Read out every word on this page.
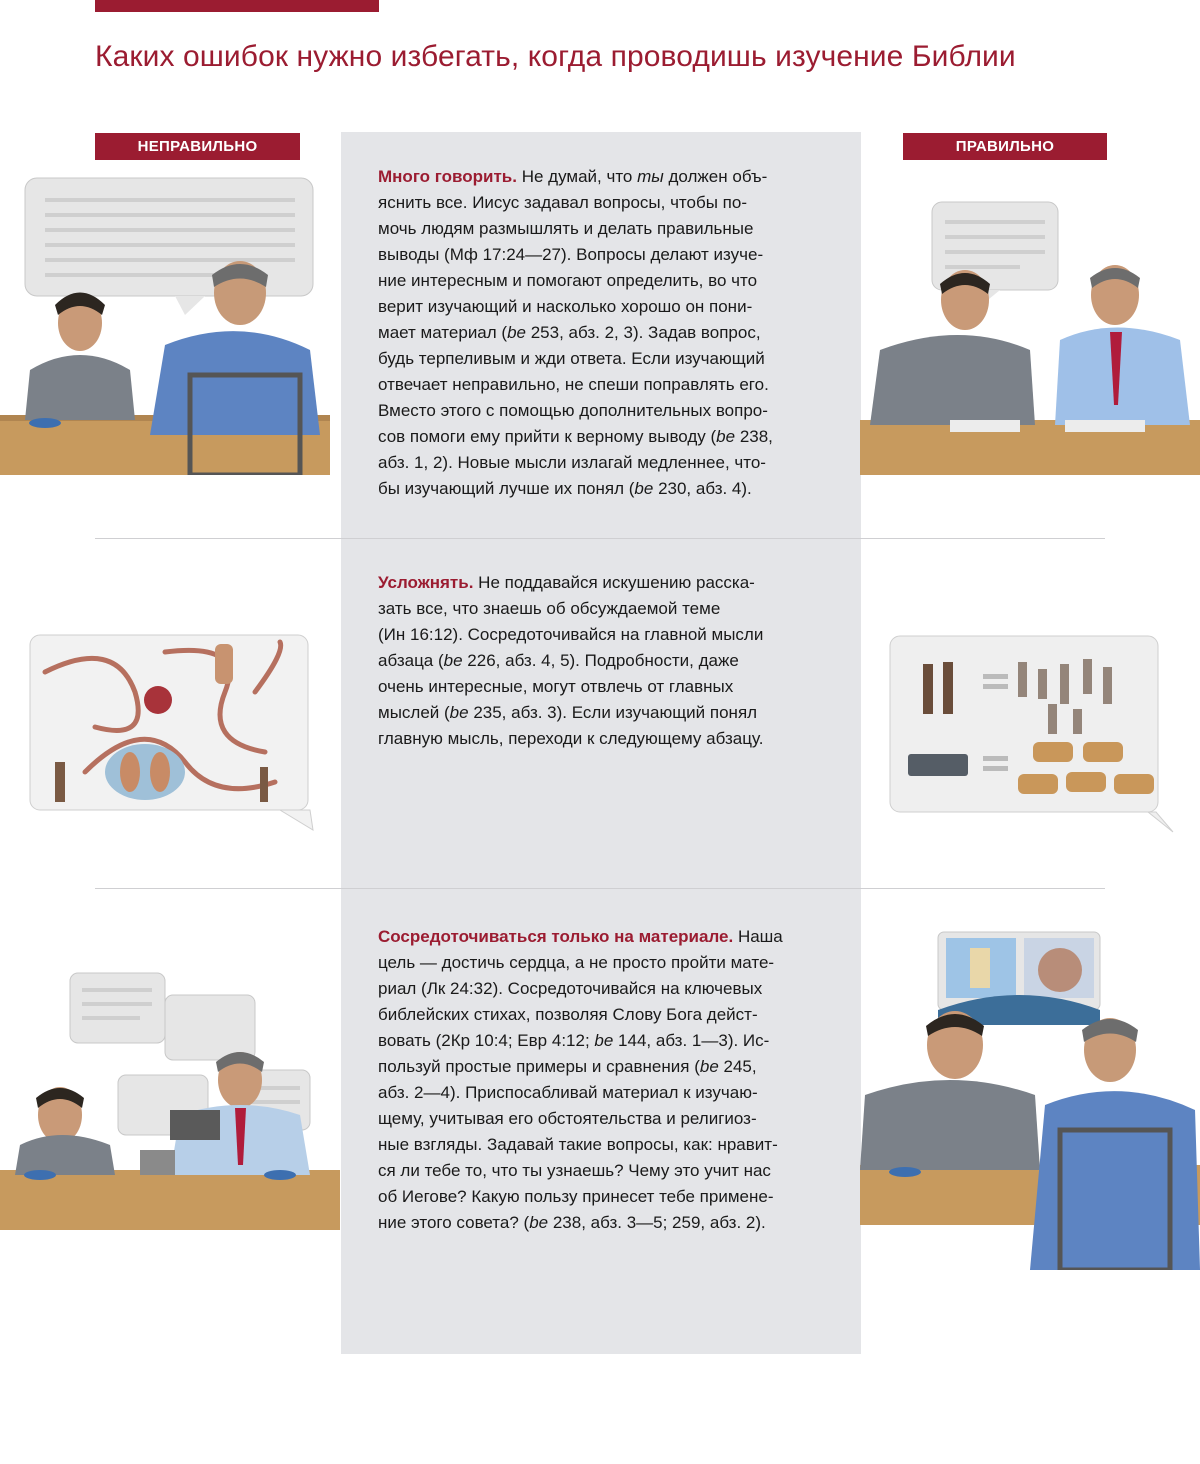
Каких ошибок нужно избегать, когда проводишь изучение Библии
НЕПРАВИЛЬНО	ПРАВИЛЬНО

Много говорить. Не думай, что ты должен объ-
яснить все. Иисус задавал вопросы, чтобы по-
мочь людям размышлять и делать правильные
выводы (Мф 17:24—27). Вопросы делают изуче-
ние интересным и помогают определить, во что
верит изучающий и насколько хорошо он пони-
мает материал (be 253, абз. 2, 3). Задав вопрос,
будь терпеливым и жди ответа. Если изучающий
отвечает неправильно, не спеши поправлять его.
Вместо этого с помощью дополнительных вопро-
сов помоги ему прийти к верному выводу (be 238,
абз. 1, 2). Новые мысли излагай медленнее, что-
бы изучающий лучше их понял (be 230, абз. 4).

Усложнять. Не поддавайся искушению расска-
зать все, что знаешь об обсуждаемой теме
(Ин 16:12). Сосредоточивайся на главной мысли
абзаца (be 226, абз. 4, 5). Подробности, даже
очень интересные, могут отвлечь от главных
мыслей (be 235, абз. 3). Если изучающий понял
главную мысль, переходи к следующему абзацу.

Сосредоточиваться только на материале. Наша
цель — достичь сердца, а не просто пройти мате-
риал (Лк 24:32). Сосредоточивайся на ключевых
библейских стихах, позволяя Слову Бога дейст-
вовать (2Кр 10:4; Евр 4:12; be 144, абз. 1—3). Ис-
пользуй простые примеры и сравнения (be 245,
абз. 2—4). Приспосабливай материал к изучаю-
щему, учитывая его обстоятельства и религиоз-
ные взгляды. Задавай такие вопросы, как: нравит-
ся ли тебе то, что ты узнаешь? Чему это учит нас
об Иегове? Какую пользу принесет тебе примене-
ние этого совета? (be 238, абз. 3—5; 259, абз. 2).
